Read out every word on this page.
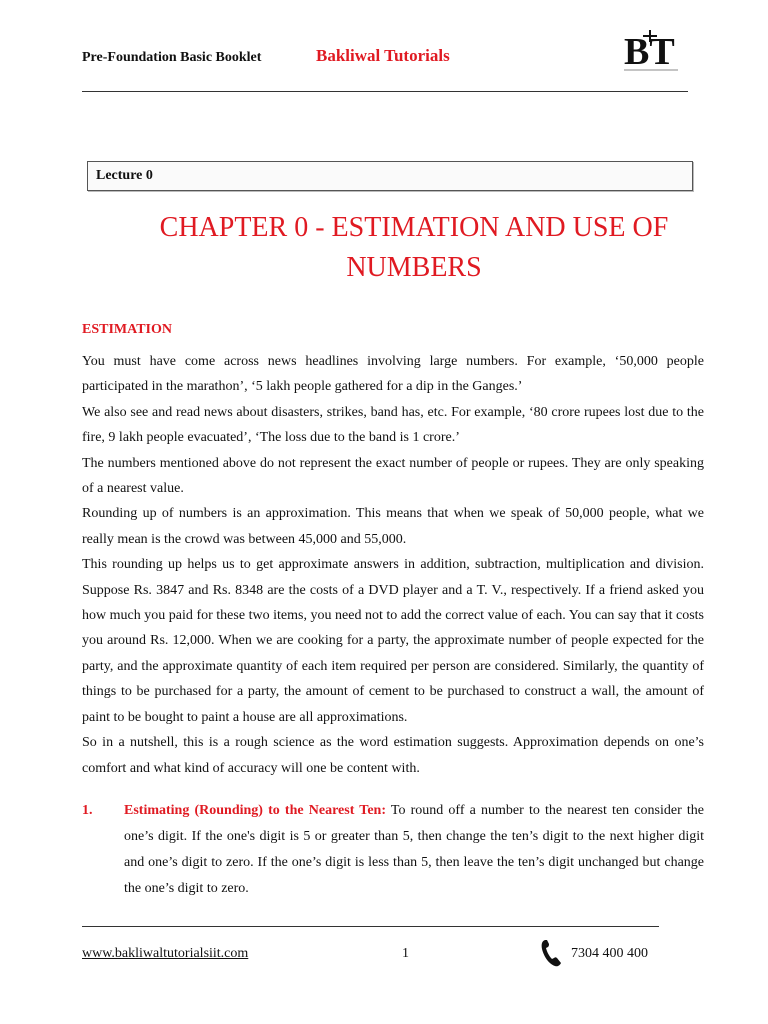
Pre-Foundation Basic Booklet	Bakliwal Tutorials	BT
Lecture 0
CHAPTER 0 - ESTIMATION AND USE OF
NUMBERS
ESTIMATION

You must have come across news headlines involving large numbers. For example, ‘50,000 people participated in the marathon’, ‘5 lakh people gathered for a dip in the Ganges.’

We also see and read news about disasters, strikes, band has, etc. For example, ‘80 crore rupees lost due to the fire, 9 lakh people evacuated’, ‘The loss due to the band is 1 crore.’

The numbers mentioned above do not represent the exact number of people or rupees. They are only speaking of a nearest value.

Rounding up of numbers is an approximation. This means that when we speak of 50,000 people, what we really mean is the crowd was between 45,000 and 55,000.

This rounding up helps us to get approximate answers in addition, subtraction, multiplication and division. Suppose Rs. 3847 and Rs. 8348 are the costs of a DVD player and a T. V., respectively. If a friend asked you how much you paid for these two items, you need not to add the correct value of each. You can say that it costs you around Rs. 12,000. When we are cooking for a party, the approximate number of people expected for the party, and the approximate quantity of each item required per person are considered. Similarly, the quantity of things to be purchased for a party, the amount of cement to be purchased to construct a wall, the amount of paint to be bought to paint a house are all approximations.

So in a nutshell, this is a rough science as the word estimation suggests. Approximation depends on one’s comfort and what kind of accuracy will one be content with.

1. Estimating (Rounding) to the Nearest Ten: To round off a number to the nearest ten consider the one’s digit. If the one's digit is 5 or greater than 5, then change the ten’s digit to the next higher digit and one’s digit to zero. If the one’s digit is less than 5, then leave the ten’s digit unchanged but change the one’s digit to zero.
www.bakliwaltutorialsiit.com	1	7304 400 400
